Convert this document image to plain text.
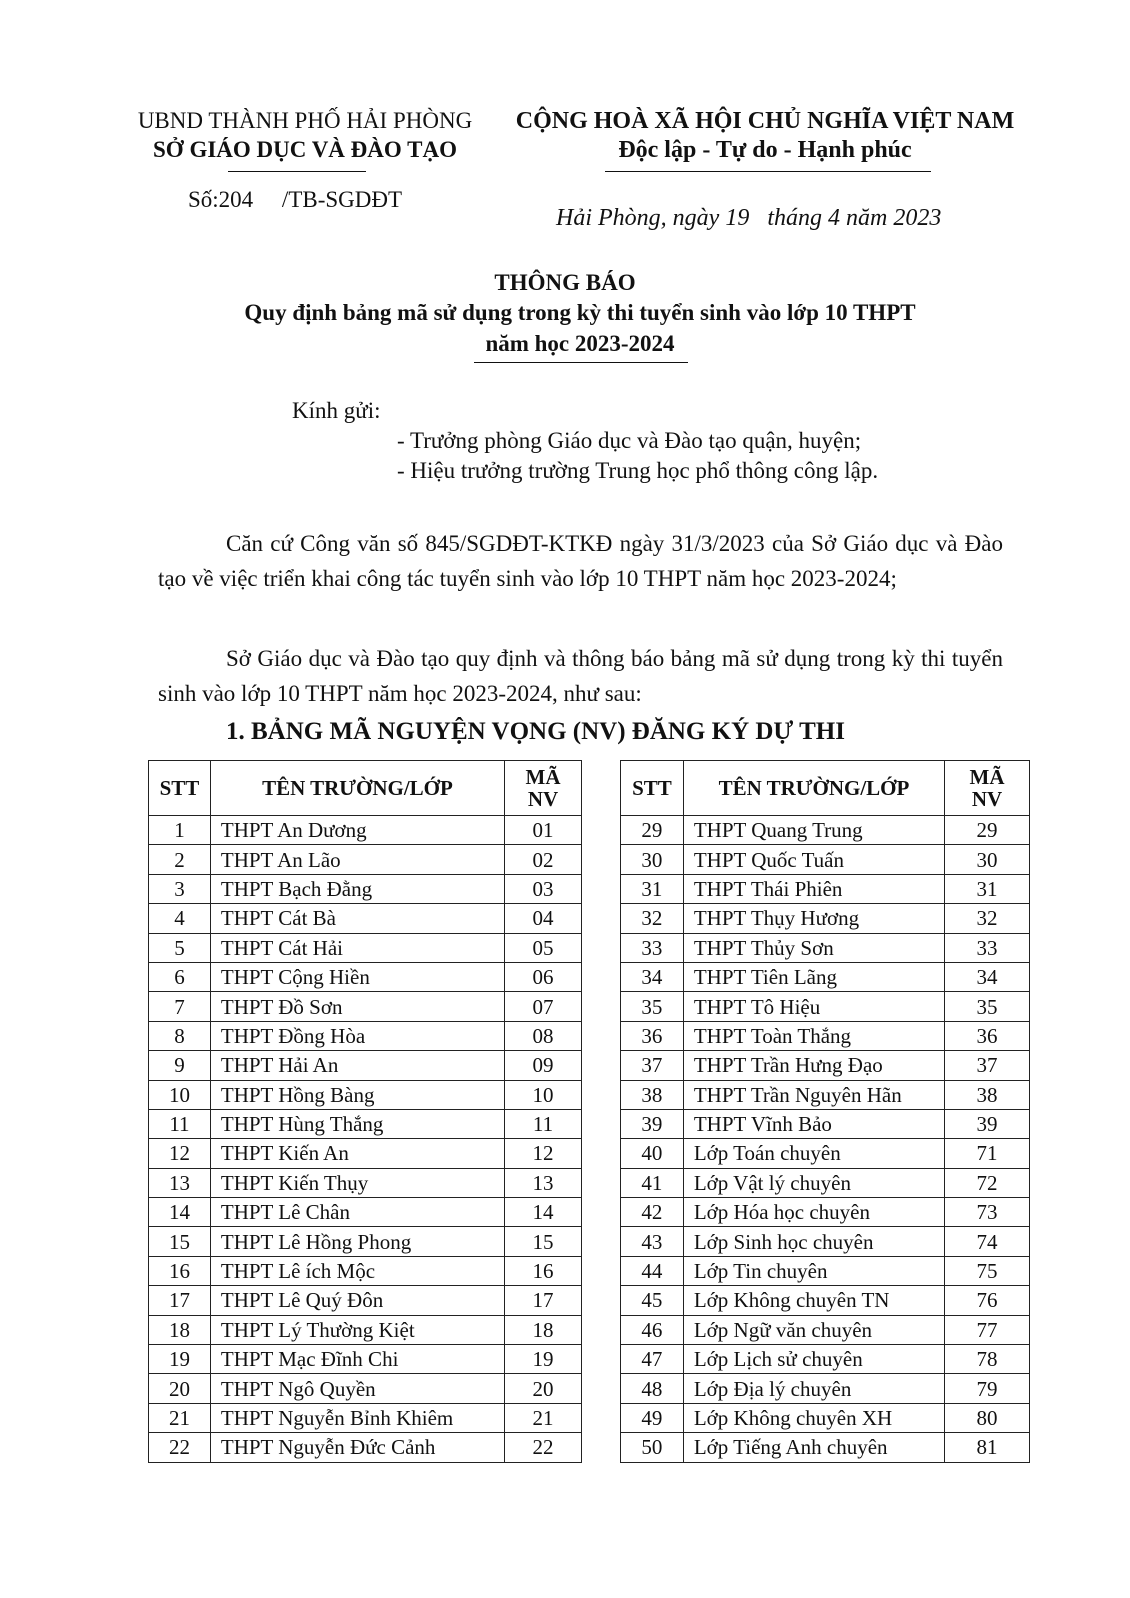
UBND THÀNH PHỐ HẢI PHÒNG
SỞ GIÁO DỤC VÀ ĐÀO TẠO
Số:204     /TB-SGDĐT
CỘNG HOÀ XÃ HỘI CHỦ NGHĨA VIỆT NAM
Độc lập - Tự do - Hạnh phúc
Hải Phòng, ngày 19   tháng 4 năm 2023
THÔNG BÁO
Quy định bảng mã sử dụng trong kỳ thi tuyển sinh vào lớp 10 THPT
năm học 2023-2024
Kính gửi:
- Trưởng phòng Giáo dục và Đào tạo quận, huyện;
- Hiệu trưởng trường Trung học phổ thông công lập.
Căn cứ Công văn số 845/SGDĐT-KTKĐ ngày 31/3/2023 của Sở Giáo dục và Đào tạo về việc triển khai công tác tuyển sinh vào lớp 10 THPT năm học 2023-2024;
Sở Giáo dục và Đào tạo quy định và thông báo bảng mã sử dụng trong kỳ thi tuyển sinh vào lớp 10 THPT năm học 2023-2024, như sau:
1. BẢNG MÃ NGUYỆN VỌNG (NV) ĐĂNG KÝ DỰ THI
STT	TÊN TRƯỜNG/LỚP	MÃ NV
1	THPT An Dương	01
2	THPT An Lão	02
3	THPT Bạch Đằng	03
4	THPT Cát Bà	04
5	THPT Cát Hải	05
6	THPT Cộng Hiền	06
7	THPT Đồ Sơn	07
8	THPT Đồng Hòa	08
9	THPT Hải An	09
10	THPT Hồng Bàng	10
11	THPT Hùng Thắng	11
12	THPT Kiến An	12
13	THPT Kiến Thụy	13
14	THPT Lê Chân	14
15	THPT Lê Hồng Phong	15
16	THPT Lê ích Mộc	16
17	THPT Lê Quý Đôn	17
18	THPT Lý Thường Kiệt	18
19	THPT Mạc Đĩnh Chi	19
20	THPT Ngô Quyền	20
21	THPT Nguyễn Bỉnh Khiêm	21
22	THPT Nguyễn Đức Cảnh	22
STT	TÊN TRƯỜNG/LỚP	MÃ NV
29	THPT Quang Trung	29
30	THPT Quốc Tuấn	30
31	THPT Thái Phiên	31
32	THPT Thụy Hương	32
33	THPT Thủy Sơn	33
34	THPT Tiên Lãng	34
35	THPT Tô Hiệu	35
36	THPT Toàn Thắng	36
37	THPT Trần Hưng Đạo	37
38	THPT Trần Nguyên Hãn	38
39	THPT Vĩnh Bảo	39
40	Lớp Toán chuyên	71
41	Lớp Vật lý chuyên	72
42	Lớp Hóa học chuyên	73
43	Lớp Sinh học chuyên	74
44	Lớp Tin chuyên	75
45	Lớp Không chuyên TN	76
46	Lớp Ngữ văn chuyên	77
47	Lớp Lịch sử chuyên	78
48	Lớp Địa lý chuyên	79
49	Lớp Không chuyên XH	80
50	Lớp Tiếng Anh chuyên	81
